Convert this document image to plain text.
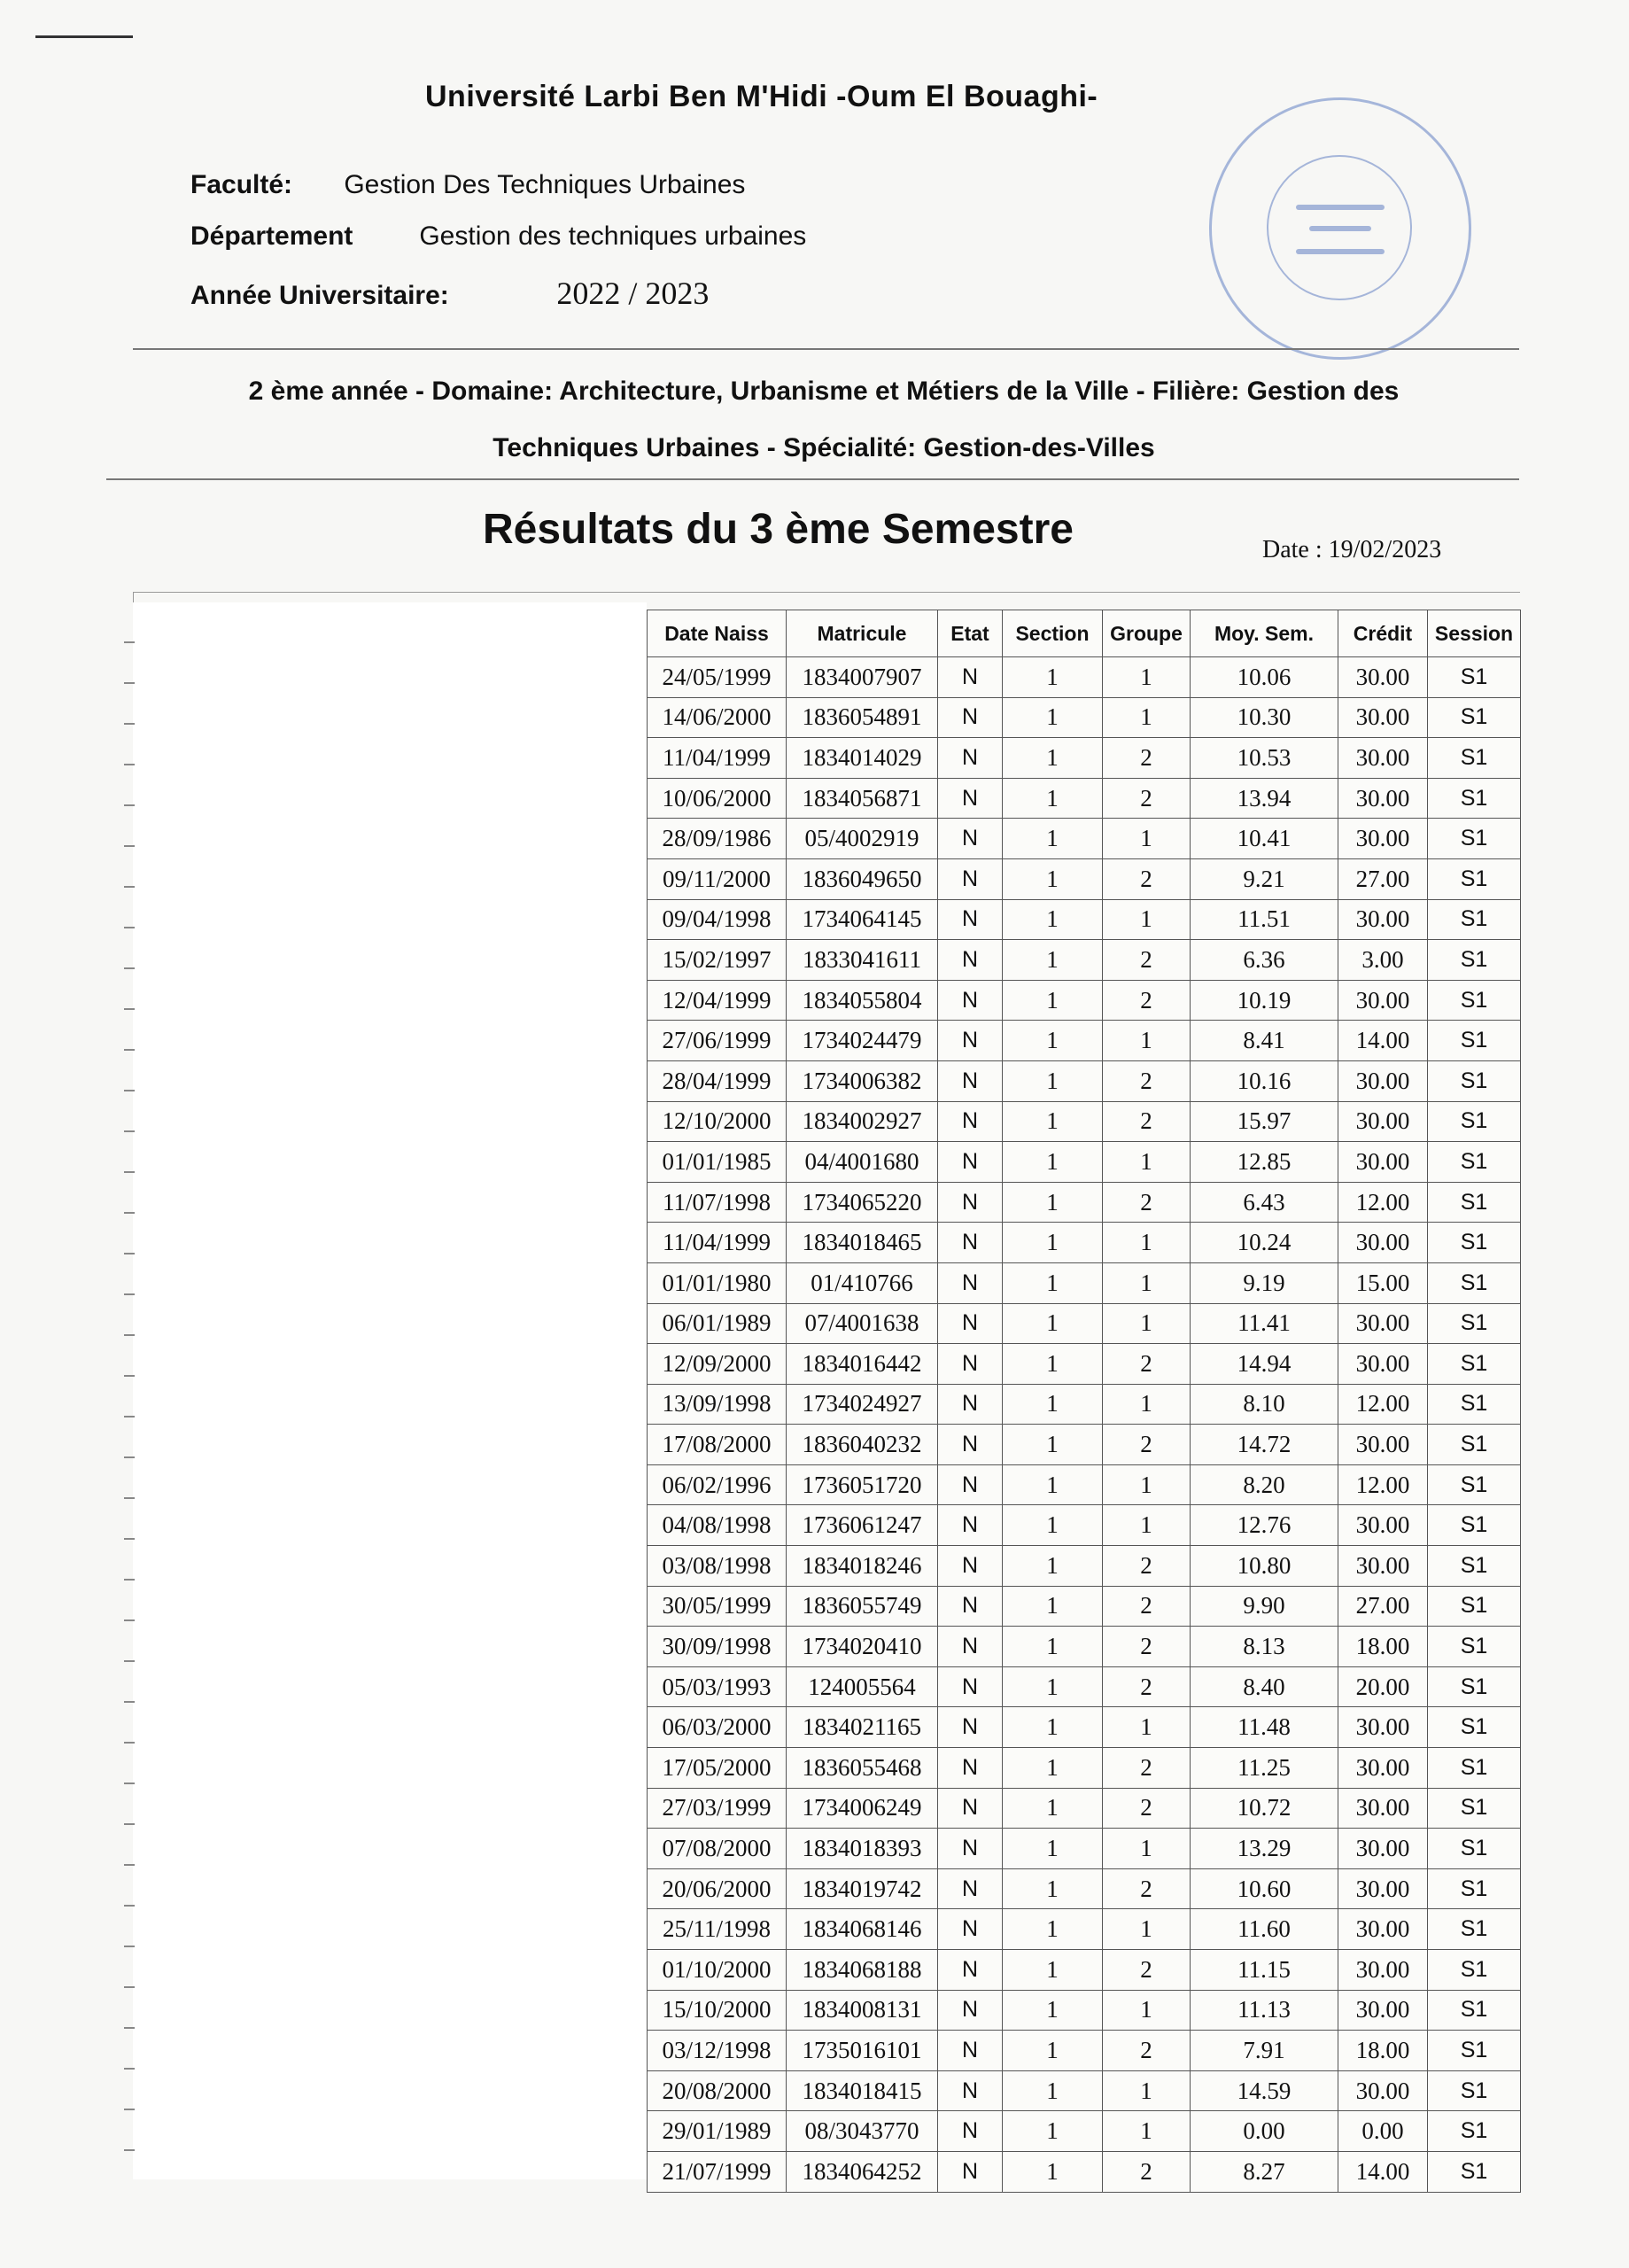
Université Larbi Ben M'Hidi -Oum El Bouaghi-
Faculté: Gestion Des Techniques Urbaines
Département Gestion des techniques urbaines
Année Universitaire:	2022 / 2023
2 ème année - Domaine: Architecture, Urbanisme et Métiers de la Ville - Filière: Gestion des
Techniques Urbaines - Spécialité: Gestion-des-Villes
Résultats du 3 ème Semestre	Date : 19/02/2023
Date Naiss	Matricule	Etat	Section	Groupe	Moy. Sem.	Crédit	Session
24/05/1999	1834007907	N	1	1	10.06	30.00	S1
14/06/2000	1836054891	N	1	1	10.30	30.00	S1
11/04/1999	1834014029	N	1	2	10.53	30.00	S1
10/06/2000	1834056871	N	1	2	13.94	30.00	S1
28/09/1986	05/4002919	N	1	1	10.41	30.00	S1
09/11/2000	1836049650	N	1	2	9.21	27.00	S1
09/04/1998	1734064145	N	1	1	11.51	30.00	S1
15/02/1997	1833041611	N	1	2	6.36	3.00	S1
12/04/1999	1834055804	N	1	2	10.19	30.00	S1
27/06/1999	1734024479	N	1	1	8.41	14.00	S1
28/04/1999	1734006382	N	1	2	10.16	30.00	S1
12/10/2000	1834002927	N	1	2	15.97	30.00	S1
01/01/1985	04/4001680	N	1	1	12.85	30.00	S1
11/07/1998	1734065220	N	1	2	6.43	12.00	S1
11/04/1999	1834018465	N	1	1	10.24	30.00	S1
01/01/1980	01/410766	N	1	1	9.19	15.00	S1
06/01/1989	07/4001638	N	1	1	11.41	30.00	S1
12/09/2000	1834016442	N	1	2	14.94	30.00	S1
13/09/1998	1734024927	N	1	1	8.10	12.00	S1
17/08/2000	1836040232	N	1	2	14.72	30.00	S1
06/02/1996	1736051720	N	1	1	8.20	12.00	S1
04/08/1998	1736061247	N	1	1	12.76	30.00	S1
03/08/1998	1834018246	N	1	2	10.80	30.00	S1
30/05/1999	1836055749	N	1	2	9.90	27.00	S1
30/09/1998	1734020410	N	1	2	8.13	18.00	S1
05/03/1993	124005564	N	1	2	8.40	20.00	S1
06/03/2000	1834021165	N	1	1	11.48	30.00	S1
17/05/2000	1836055468	N	1	2	11.25	30.00	S1
27/03/1999	1734006249	N	1	2	10.72	30.00	S1
07/08/2000	1834018393	N	1	1	13.29	30.00	S1
20/06/2000	1834019742	N	1	2	10.60	30.00	S1
25/11/1998	1834068146	N	1	1	11.60	30.00	S1
01/10/2000	1834068188	N	1	2	11.15	30.00	S1
15/10/2000	1834008131	N	1	1	11.13	30.00	S1
03/12/1998	1735016101	N	1	2	7.91	18.00	S1
20/08/2000	1834018415	N	1	1	14.59	30.00	S1
29/01/1989	08/3043770	N	1	1	0.00	0.00	S1
21/07/1999	1834064252	N	1	2	8.27	14.00	S1
